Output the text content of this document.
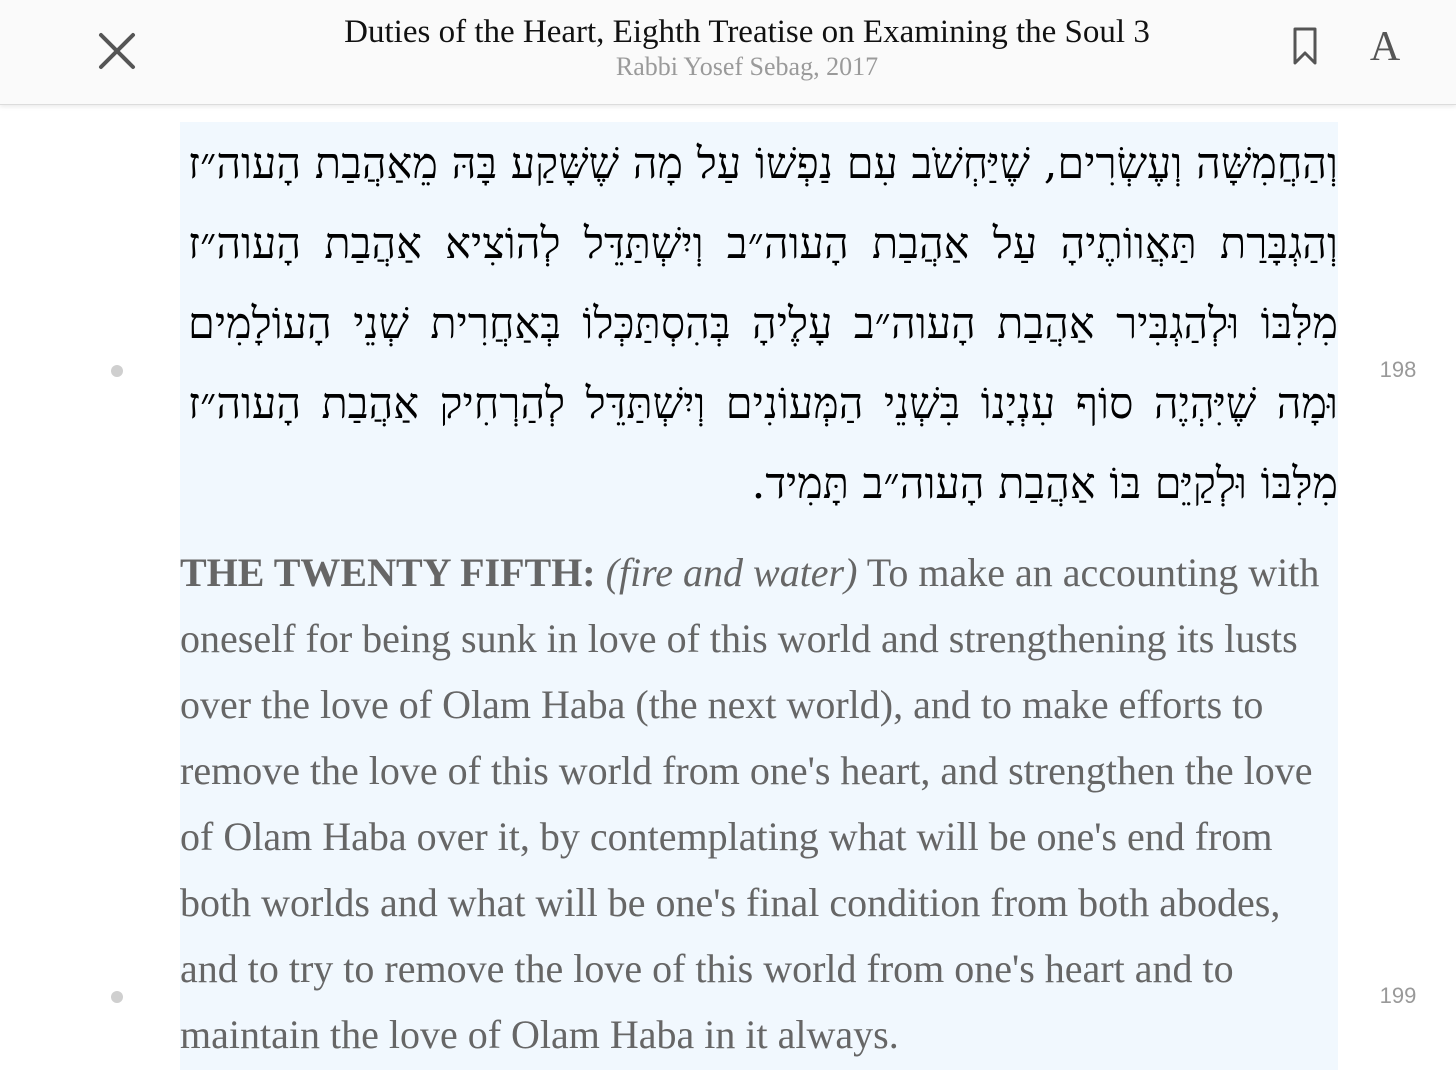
Duties of the Heart, Eighth Treatise on Examining the Soul 3
Rabbi Yosef Sebag, 2017	A
וְהַחֲמִשָּׁה וְעֶשְׂרִים, שֶׁיַּחְשֹׁב עִם נַפְשׁוֹ עַל מָה שֶׁשָּׁקַע בָּהּ מֵאַהֲבַת הָעוה״ז וְהַגְבָּרַת תַּאֲווֹתֶיהָ עַל אַהֲבַת הָעוה״ב וְיִשְׁתַּדֵּל לְהוֹצִיא אַהֲבַת הָעוה״ז מִלִּבּוֹ וּלְהַגְבִּיר אַהֲבַת הָעוה״ב עָלֶיהָ בְּהִסְתַּכְּלוֹ בְּאַחֲרִית שְׁנֵי הָעוֹלָמִים וּמָה שֶׁיִּהְיֶה סוֹף עִנְיָנוֹ בִּשְׁנֵי הַמְּעוֹנִים וְיִשְׁתַּדֵּל לְהַרְחִיק אַהֲבַת הָעוה״ז מִלִּבּוֹ וּלְקַיֵּם בּוֹ אַהֲבַת הָעוה״ב תָּמִיד.
THE TWENTY FIFTH: (fire and water) To make an accounting with oneself for being sunk in love of this world and strengthening its lusts over the love of Olam Haba (the next world), and to make efforts to remove the love of this world from one's heart, and strengthen the love of Olam Haba over it, by contemplating what will be one's end from both worlds and what will be one's final condition from both abodes, and to try to remove the love of this world from one's heart and to maintain the love of Olam Haba in it always.
198
199
